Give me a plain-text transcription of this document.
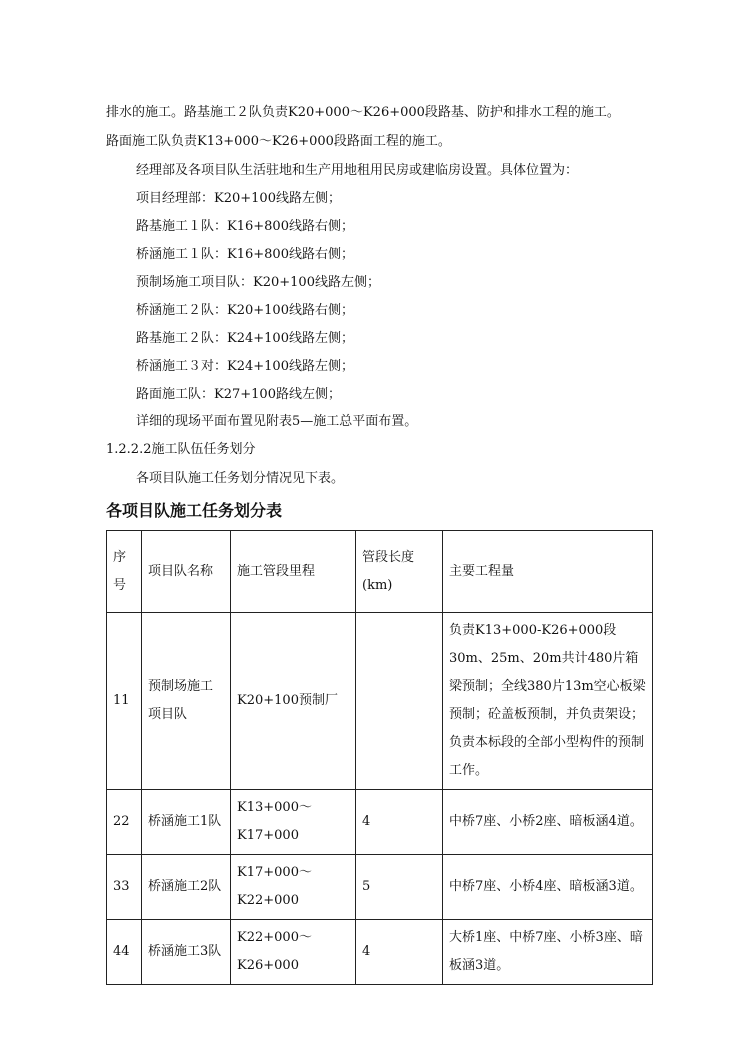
排水的施工。路基施工２队负责K20+000～K26+000段路基、防护和排水工程的施工。
路面施工队负责K13+000～K26+000段路面工程的施工。
经理部及各项目队生活驻地和生产用地租用民房或建临房设置。具体位置为：
项目经理部：K20+100线路左侧；
路基施工１队：K16+800线路右侧；
桥涵施工１队：K16+800线路右侧；
预制场施工项目队：K20+100线路左侧；
桥涵施工２队：K20+100线路右侧；
路基施工２队：K24+100线路左侧；
桥涵施工３对：K24+100线路左侧；
路面施工队：K27+100路线左侧；
详细的现场平面布置见附表5—施工总平面布置。
1.2.2.2施工队伍任务划分
各项目队施工任务划分情况见下表。
各项目队施工任务划分表
序号	项目队名称	施工管段里程	管段长度(km)	主要工程量
11	预制场施工项目队	K20+100预制厂		负责K13+000-K26+000段30m、25m、20m共计480片箱梁预制；全线380片13m空心板梁预制；砼盖板预制，并负责架设；负责本标段的全部小型构件的预制工作。
22	桥涵施工1队	K13+000～K17+000	4	中桥7座、小桥2座、暗板涵4道。
33	桥涵施工2队	K17+000～K22+000	5	中桥7座、小桥4座、暗板涵3道。
44	桥涵施工3队	K22+000～K26+000	4	大桥1座、中桥7座、小桥3座、暗板涵3道。
